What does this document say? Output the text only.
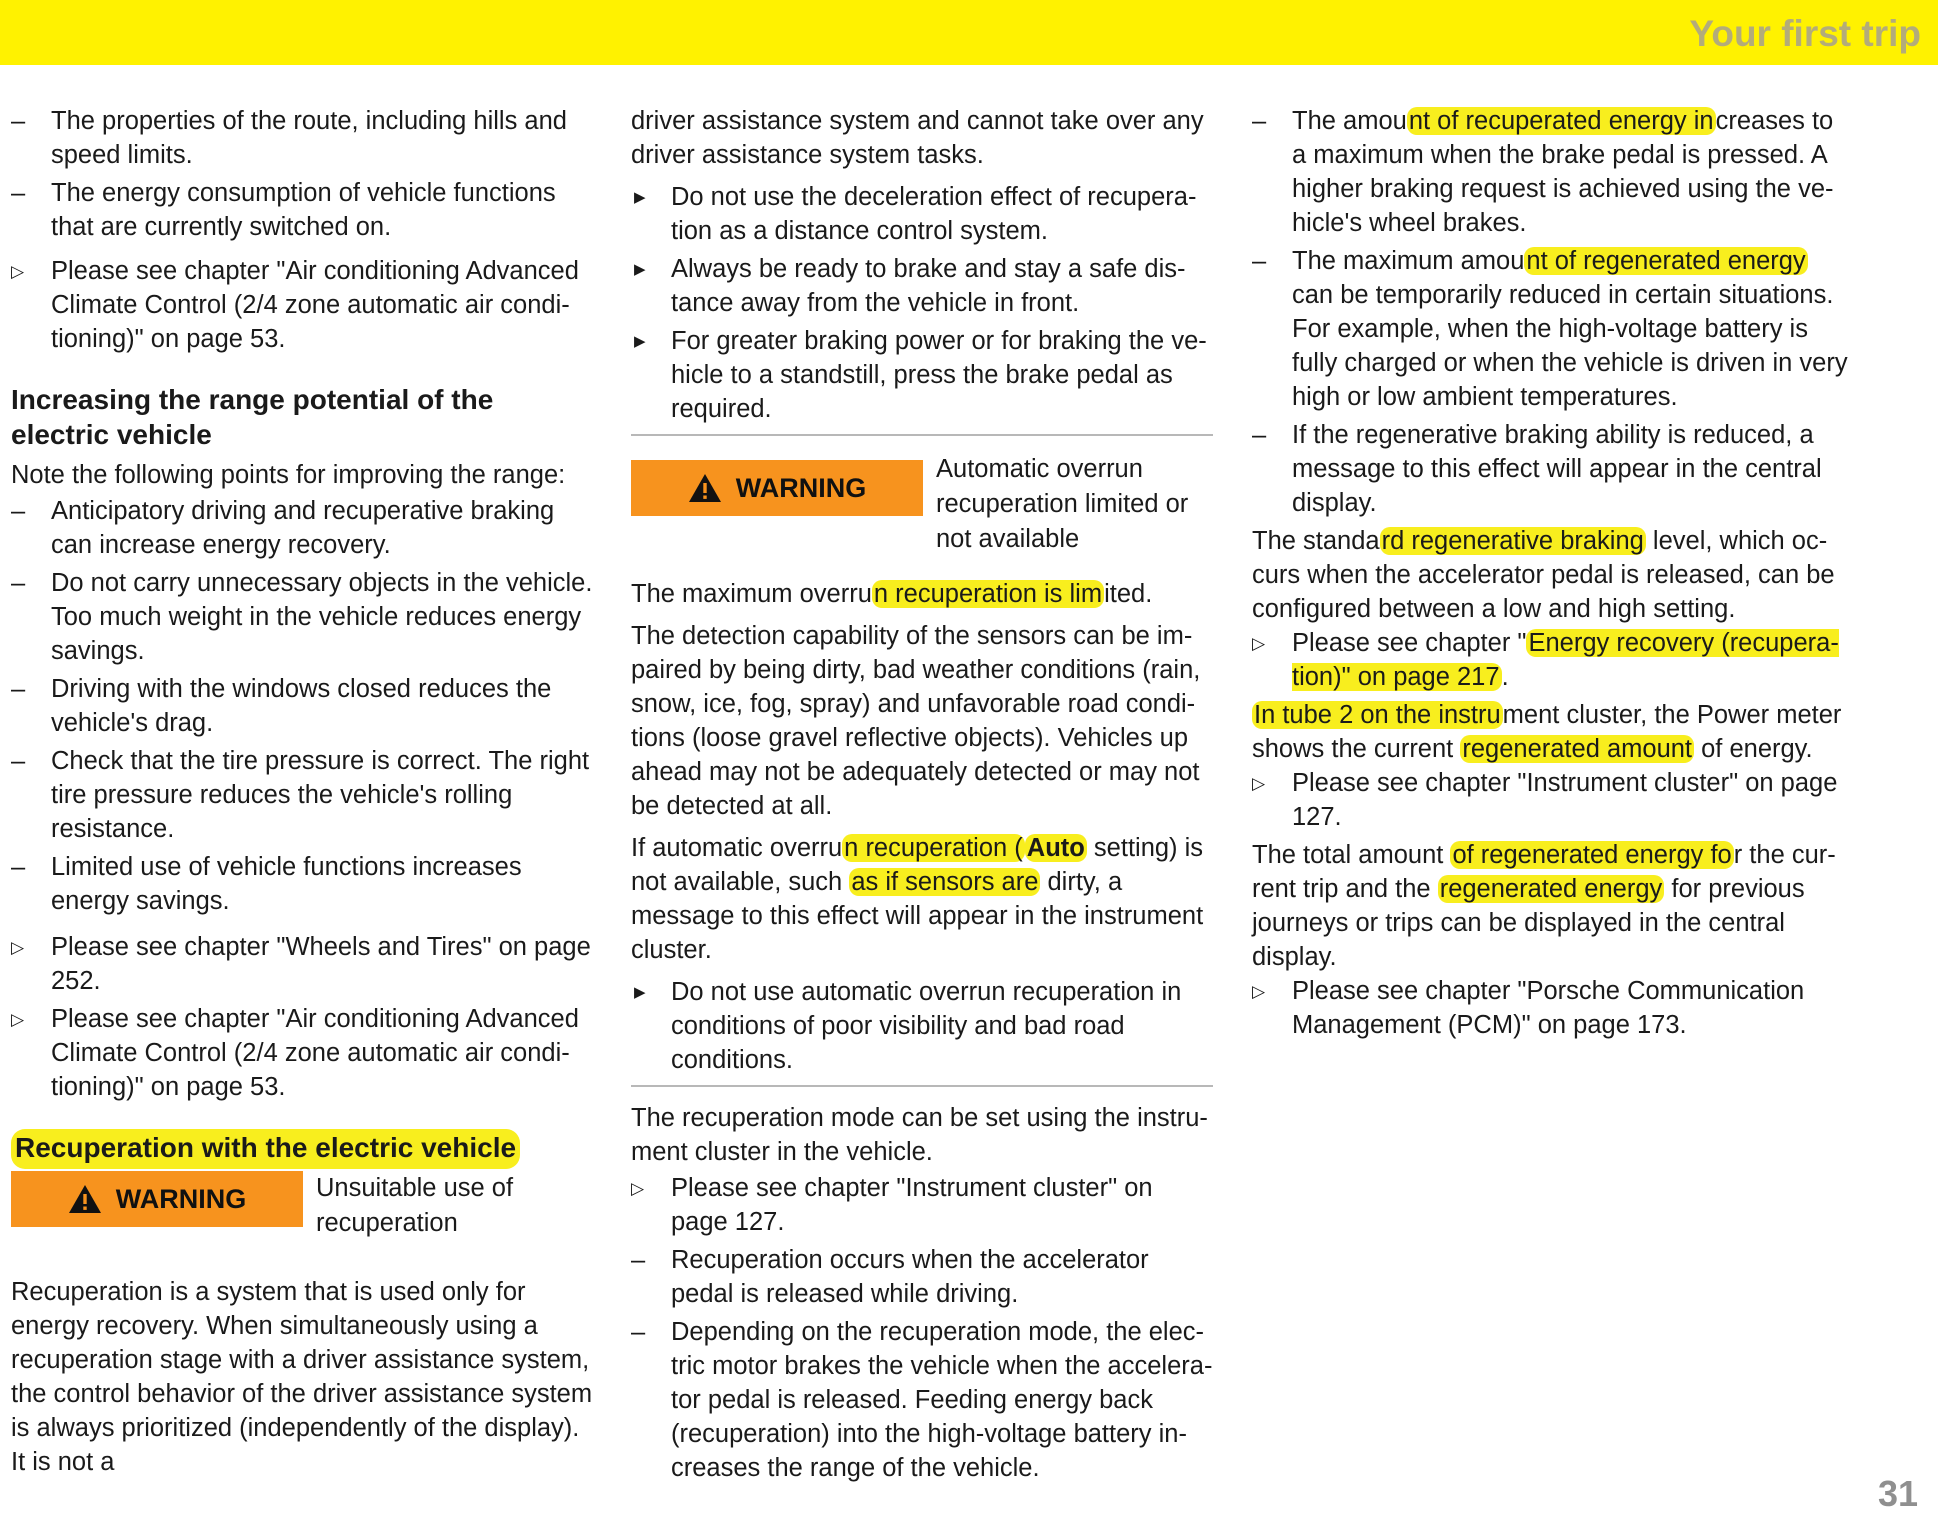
Your first trip
– The properties of the route, including hills and speed limits.
– The energy consumption of vehicle functions that are currently switched on.
▷ Please see chapter "Air conditioning Advanced Climate Control (2/4 zone automatic air conditioning)" on page 53.
Increasing the range potential of the electric vehicle
Note the following points for improving the range:
– Anticipatory driving and recuperative braking can increase energy recovery.
– Do not carry unnecessary objects in the vehicle. Too much weight in the vehicle reduces energy savings.
– Driving with the windows closed reduces the vehicle's drag.
– Check that the tire pressure is correct. The right tire pressure reduces the vehicle's rolling resistance.
– Limited use of vehicle functions increases energy savings.
▷ Please see chapter "Wheels and Tires" on page 252.
▷ Please see chapter "Air conditioning Advanced Climate Control (2/4 zone automatic air conditioning)" on page 53.
Recuperation with the electric vehicle
WARNING	Unsuitable use of recuperation
Recuperation is a system that is used only for energy recovery. When simultaneously using a recuperation stage with a driver assistance system, the control behavior of the driver assistance system is always prioritized (independently of the display). It is not a
driver assistance system and cannot take over any driver assistance system tasks.
▶ Do not use the deceleration effect of recuperation as a distance control system.
▶ Always be ready to brake and stay a safe distance away from the vehicle in front.
▶ For greater braking power or for braking the vehicle to a standstill, press the brake pedal as required.
WARNING
Automatic overrun recuperation limited or not available
The maximum overrun recuperation is limited.
The detection capability of the sensors can be impaired by being dirty, bad weather conditions (rain, snow, ice, fog, spray) and unfavorable road conditions (loose gravel reflective objects). Vehicles up ahead may not be adequately detected or may not be detected at all.
If automatic overrun recuperation ( Auto setting) is not available, such as if sensors are dirty, a message to this effect will appear in the instrument cluster.
▶ Do not use automatic overrun recuperation in conditions of poor visibility and bad road conditions.
The recuperation mode can be set using the instrument cluster in the vehicle.
▷ Please see chapter "Instrument cluster" on page 127.
– Recuperation occurs when the accelerator pedal is released while driving.
– Depending on the recuperation mode, the electric motor brakes the vehicle when the accelerator pedal is released. Feeding energy back (recuperation) into the high-voltage battery increases the range of the vehicle.
– The amount of recuperated energy increases to a maximum when the brake pedal is pressed. A higher braking request is achieved using the vehicle's wheel brakes.
– The maximum amount of regenerated energy can be temporarily reduced in certain situations. For example, when the high-voltage battery is fully charged or when the vehicle is driven in very high or low ambient temperatures.
– If the regenerative braking ability is reduced, a message to this effect will appear in the central display.
The standard regenerative braking level, which occurs when the accelerator pedal is released, can be configured between a low and high setting.
▷ Please see chapter "Energy recovery (recuperation)" on page 217.
In tube 2 on the instrument cluster, the Power meter shows the current regenerated amount of energy.
▷ Please see chapter "Instrument cluster" on page 127.
The total amount of regenerated energy for the current trip and the regenerated energy for previous journeys or trips can be displayed in the central display.
▷ Please see chapter "Porsche Communication Management (PCM)" on page 173.
31
